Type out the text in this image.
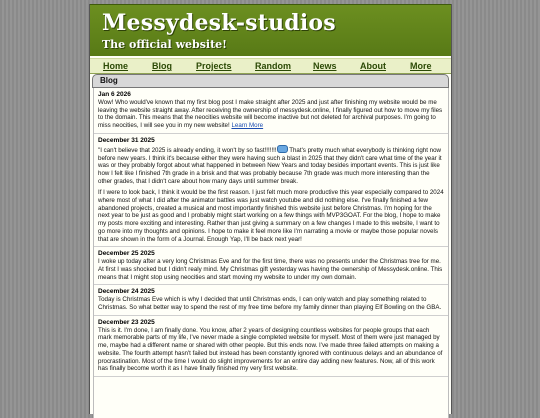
Messydesk-studios
The official website!
Home	Blog	Projects	Random News	About	More
Blog
Jan 6 2026

Wow! Who would've known that my first blog post I make straight after 2025 and just after finishing my website would be me leaving the website straight away. After receiving the ownership of messydesk.online, I finally figured out how to move my files to the domain. This means that the neocities website will become inactive but not deleted for archival purposes. I'm going to miss neocities, I will see you in my new website! Learn More

December 31 2025

"I can't believe that 2025 is already ending, it won't by so fast!!!!!!! That's pretty much what everybody is thinking right now before new years. I think it's because either they were having such a blast in 2025 that they didn't care what time of the year it was or they probably forgot about what happened in between New Years and today besides important events. This is just like how I felt like I finished 7th grade in a brisk and that was probably because 7th grade was much more interesting than the other grades, that I didn't care about how many days until summer break.

If I were to look back, I think it would be the first reason. I just felt much more productive this year especially compared to 2024 where most of what I did after the animator battles was just watch youtube and did nothing else. I've finally finished a few abandoned projects, created a musical and most importantly finished this website just before Christmas. I'm hoping for the next year to be just as good and I probably might start working on a few things with MVP3GOAT. For the blog, I hope to make my posts more exciting and interesting. Rather than just giving a summary on a few changes I made to this website, I want to go more into my thoughts and opinions. I hope to make it feel more like I'm narrating a movie or maybe those popular novels that are shown in the form of a Journal. Enough Yap, I'll be back next year!

December 25 2025

I woke up today after a very long Christmas Eve and for the first time, there was no presents under the Christmas tree for me. At first I was shocked but I didn't realy mind. My Christmas gift yesterday was having the ownership of Messydesk.online. This means that I might stop using neocities and start moving my website to under my own domain.

December 24 2025

Today is Christmas Eve which is why I decided that until Christmas ends, I can only watch and play something related to Christmas. So what better way to spend the rest of my free time before my family dinner than playing Elf Bowling on the GBA.

December 23 2025

This is it. I'm done, I am finally done. You know, after 2 years of designing countless websites for people groups that each mark memorable parts of my life, I've never made a single completed website for myself. Most of them were just managed by me, maybe had a different name or shared with other people. But this ends now. I've made three failed attempts on making a website. The fourth attempt hasn't failed but instead has been constantly ignored with continuous delays and an abundance of procrastination. Most of the time I would do slight improvements for an entire day adding new features. Now, all of this work has finally become worth it as I have finally finished my very first website.
